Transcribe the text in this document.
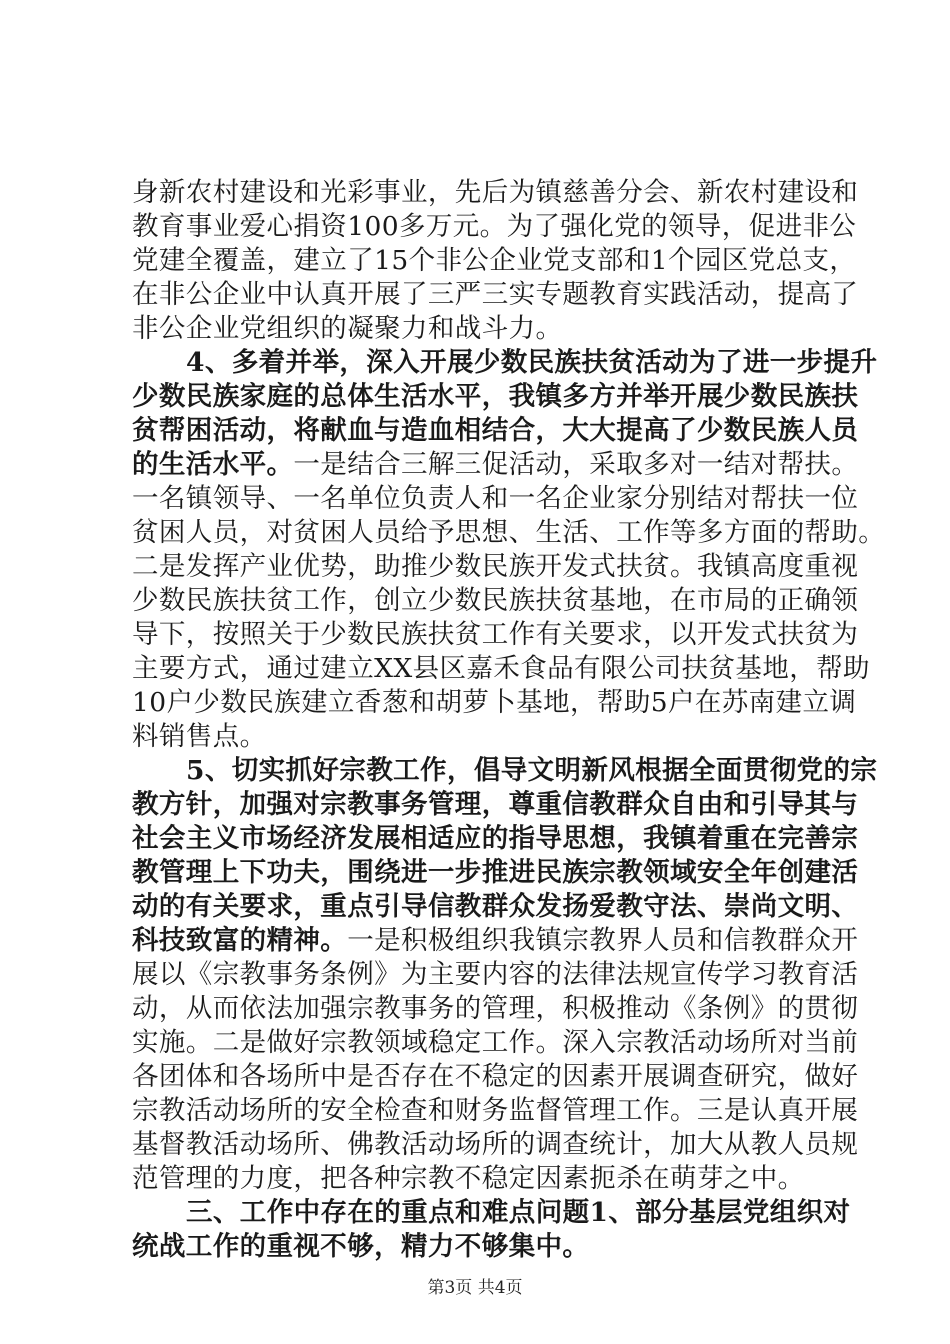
身新农村建设和光彩事业，先后为镇慈善分会、新农村建设和
教育事业爱心捐资100多万元。为了强化党的领导，促进非公
党建全覆盖，建立了15个非公企业党支部和1个园区党总支，
在非公企业中认真开展了三严三实专题教育实践活动，提高了
非公企业党组织的凝聚力和战斗力。
4、多着并举，深入开展少数民族扶贫活动为了进一步提升
少数民族家庭的总体生活水平，我镇多方并举开展少数民族扶
贫帮困活动，将献血与造血相结合，大大提高了少数民族人员
的生活水平。一是结合三解三促活动，采取多对一结对帮扶。
一名镇领导、一名单位负责人和一名企业家分别结对帮扶一位
贫困人员，对贫困人员给予思想、生活、工作等多方面的帮助。
二是发挥产业优势，助推少数民族开发式扶贫。我镇高度重视
少数民族扶贫工作，创立少数民族扶贫基地，在市局的正确领
导下，按照关于少数民族扶贫工作有关要求，以开发式扶贫为
主要方式，通过建立XX县区嘉禾食品有限公司扶贫基地，帮助
10户少数民族建立香葱和胡萝卜基地，帮助5户在苏南建立调
料销售点。
5、切实抓好宗教工作，倡导文明新风根据全面贯彻党的宗
教方针，加强对宗教事务管理，尊重信教群众自由和引导其与
社会主义市场经济发展相适应的指导思想，我镇着重在完善宗
教管理上下功夫，围绕进一步推进民族宗教领域安全年创建活
动的有关要求，重点引导信教群众发扬爱教守法、崇尚文明、
科技致富的精神。一是积极组织我镇宗教界人员和信教群众开
展以《宗教事务条例》为主要内容的法律法规宣传学习教育活
动，从而依法加强宗教事务的管理，积极推动《条例》的贯彻
实施。二是做好宗教领域稳定工作。深入宗教活动场所对当前
各团体和各场所中是否存在不稳定的因素开展调查研究，做好
宗教活动场所的安全检查和财务监督管理工作。三是认真开展
基督教活动场所、佛教活动场所的调查统计，加大从教人员规
范管理的力度，把各种宗教不稳定因素扼杀在萌芽之中。
三、工作中存在的重点和难点问题1、部分基层党组织对
统战工作的重视不够，精力不够集中。
第3页 共4页
